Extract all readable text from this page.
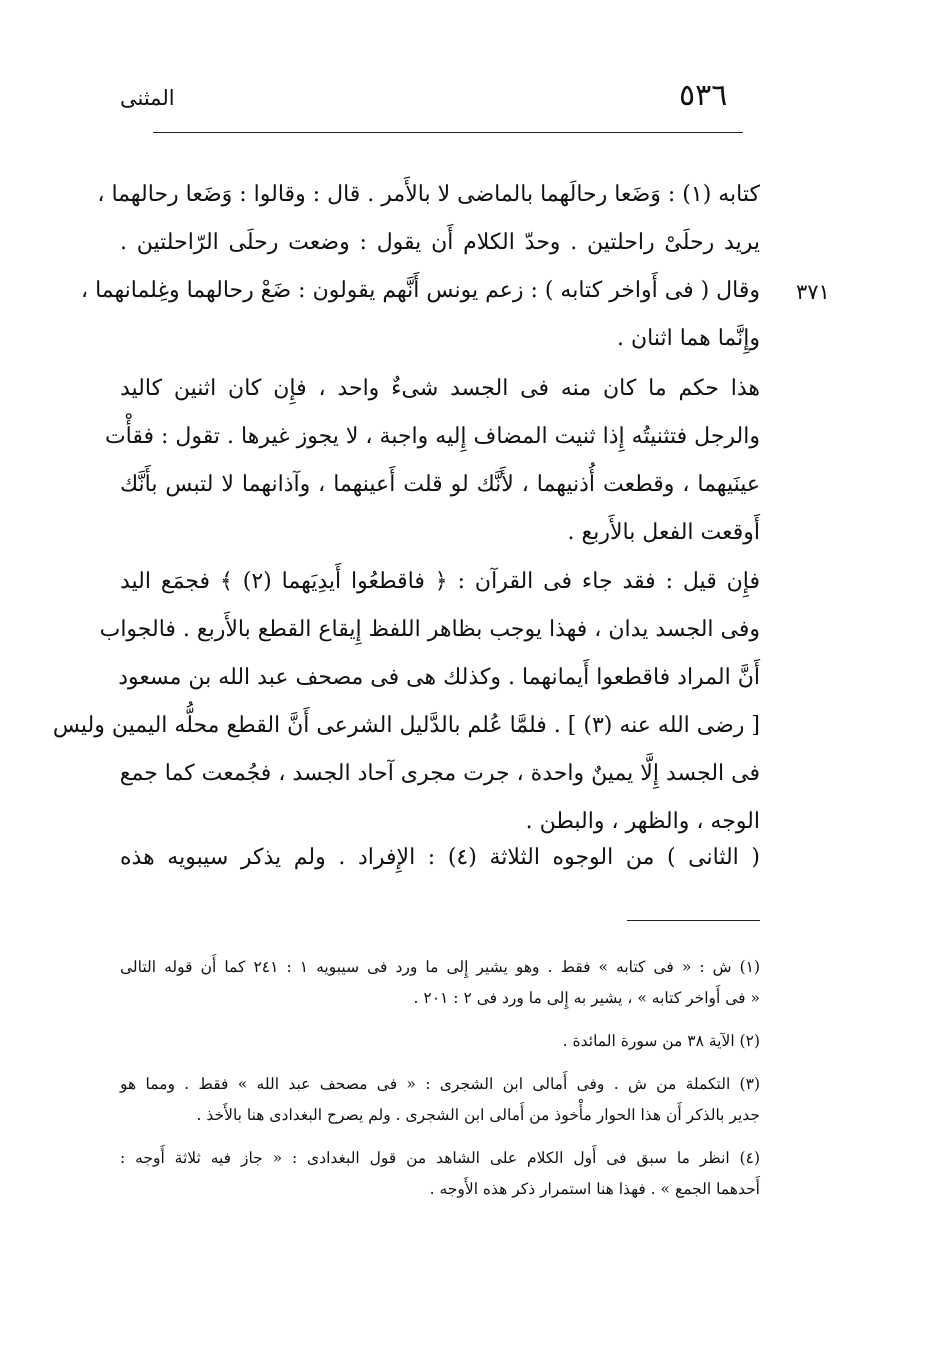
٥٣٦
المثنى
٣٧١

كتابه (١) : وَضَعا رحالَهما بالماضى لا بالأَمر . قال : وقالوا : وَضَعا رحالهما ،
يريد رحلَىْ راحلتين . وحدّ الكلام أَن يقول : وضعت رحلَى الرّاحلتين .
وقال ( فى أَواخر كتابه ) : زعم يونس أَنَّهم يقولون : ضَعْ رحالهما وغِلمانهما ،
وإِنَّما هما اثنان .

هذا حكم ما كان منه فى الجسد شىءٌ واحد ، فإِن كان اثنين كاليد
والرجل فتثنيتُه إِذا ثنيت المضاف إِليه واجبة ، لا يجوز غيرها . تقول : فقأْت
عينَيهما ، وقطعت أُذنيهما ، لأَنَّك لو قلت أَعينهما ، وآذانهما لا لتبس بأَنَّك
أَوقعت الفعل بالأَربع .

فإِن قيل : فقد جاء فى القرآن : ﴿ فاقطعُوا أَيدِيَهما (٢) ﴾ فجمَع اليد
وفى الجسد يدان ، فهذا يوجب بظاهر اللفظ إِيقاع القطع بالأَربع . فالجواب
أَنَّ المراد فاقطعوا أَيمانهما . وكذلك هى فى مصحف عبد الله بن مسعود
[ رضى الله عنه (٣) ] . فلمَّا عُلم بالدَّليل الشرعى أَنَّ القطع محلُّه اليمين وليس
فى الجسد إِلَّا يمينٌ واحدة ، جرت مجرى آحاد الجسد ، فجُمعت كما جمع
الوجه ، والظهر ، والبطن .

( الثانى ) من الوجوه الثلاثة (٤) : الإِفراد . ولم يذكر سيبويه هذه

(١) ش : « فى كتابه » فقط . وهو يشير إِلى ما ورد فى سيبويه ١ : ٢٤١ كما أَن قوله التالى
« فى أَواخر كتابه » ، يشير به إِلى ما ورد فى ٢ : ٢٠١ .

(٢) الآية ٣٨ من سورة المائدة .

(٣) التكملة من ش . وفى أَمالى ابن الشجرى : « فى مصحف عبد الله » فقط . ومما هو
جدير بالذكر أَن هذا الحوار مأْخوذ من أَمالى ابن الشجرى . ولم يصرح البغدادى هنا بالأَخذ .

(٤) انظر ما سبق فى أَول الكلام على الشاهد من قول البغدادى : « جاز فيه ثلاثة أَوجه :
أَحدهما الجمع » . فهذا هنا استمرار ذكر هذه الأَوجه .
